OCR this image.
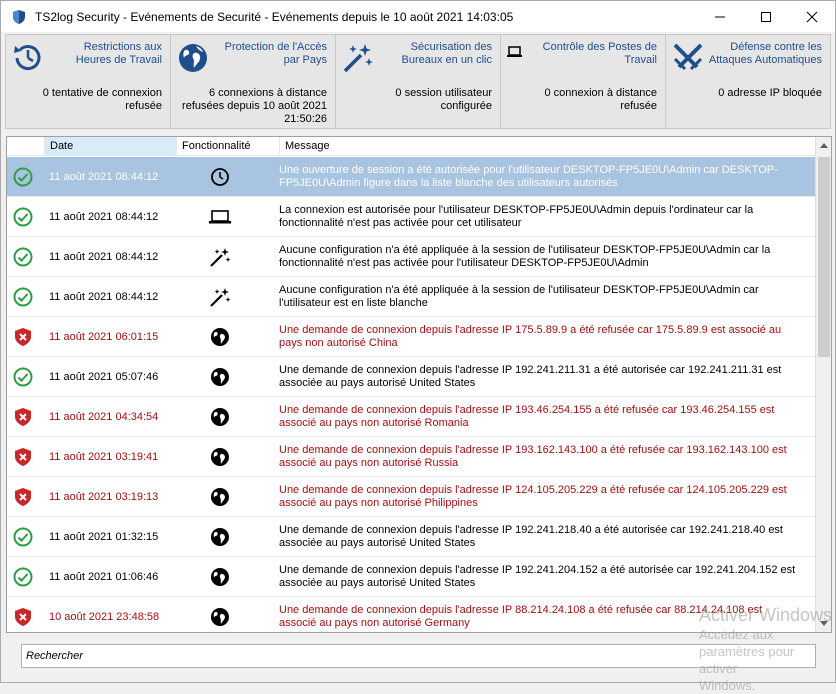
TS2log Security - Evénements de Securité - Evénements depuis le 10 août 2021 14:03:05
Restrictions aux Heures de Travail
0 tentative de connexion refusée
Protection de l'Accès par Pays
6 connexions à distance refusées depuis 10 août 2021 21:50:26
Sécurisation des Bureaux en un clic
0 session utilisateur configurée
Contrôle des Postes de Travail
0 connexion à distance refusée
Défense contre les Attaques Automatiques
0 adresse IP bloquée
Date	Fonctionnalité	Message
11 août 2021 08:44:12
Une ouverture de session a été autorisée pour l'utilisateur DESKTOP-FP5JE0U\Admin car DESKTOP-FP5JE0U\Admin figure dans la liste blanche des utilisateurs autorisés
11 août 2021 08:44:12
La connexion est autorisée pour l'utilisateur DESKTOP-FP5JE0U\Admin depuis l'ordinateur car la fonctionnalité n'est pas activée pour cet utilisateur
11 août 2021 08:44:12
Aucune configuration n'a été appliquée à la session de l'utilisateur DESKTOP-FP5JE0U\Admin car la fonctionnalité n'est pas activée pour l'utilisateur DESKTOP-FP5JE0U\Admin
11 août 2021 08:44:12
Aucune configuration n'a été appliquée à la session de l'utilisateur DESKTOP-FP5JE0U\Admin car l'utilisateur est en liste blanche
11 août 2021 06:01:15
Une demande de connexion depuis l'adresse IP 175.5.89.9 a été refusée car 175.5.89.9 est associé au pays non autorisé China
11 août 2021 05:07:46
Une demande de connexion depuis l'adresse IP 192.241.211.31 a été autorisée car 192.241.211.31 est associée au pays autorisé United States
11 août 2021 04:34:54
Une demande de connexion depuis l'adresse IP 193.46.254.155 a été refusée car 193.46.254.155 est associé au pays non autorisé Romania
11 août 2021 03:19:41
Une demande de connexion depuis l'adresse IP 193.162.143.100 a été refusée car 193.162.143.100 est associé au pays non autorisé Russia
11 août 2021 03:19:13
Une demande de connexion depuis l'adresse IP 124.105.205.229 a été refusée car 124.105.205.229 est associé au pays non autorisé Philippines
11 août 2021 01:32:15
Une demande de connexion depuis l'adresse IP 192.241.218.40 a été autorisée car 192.241.218.40 est associée au pays autorisé United States
11 août 2021 01:06:46
Une demande de connexion depuis l'adresse IP 192.241.204.152 a été autorisée car 192.241.204.152 est associée au pays autorisé United States
10 août 2021 23:48:58
Une demande de connexion depuis l'adresse IP 88.214.24.108 a été refusée car 88.214.24.108 est associé au pays non autorisé Germany
Rechercher	Activer Windows
Accédez aux paramètres pour activer
Windows.
